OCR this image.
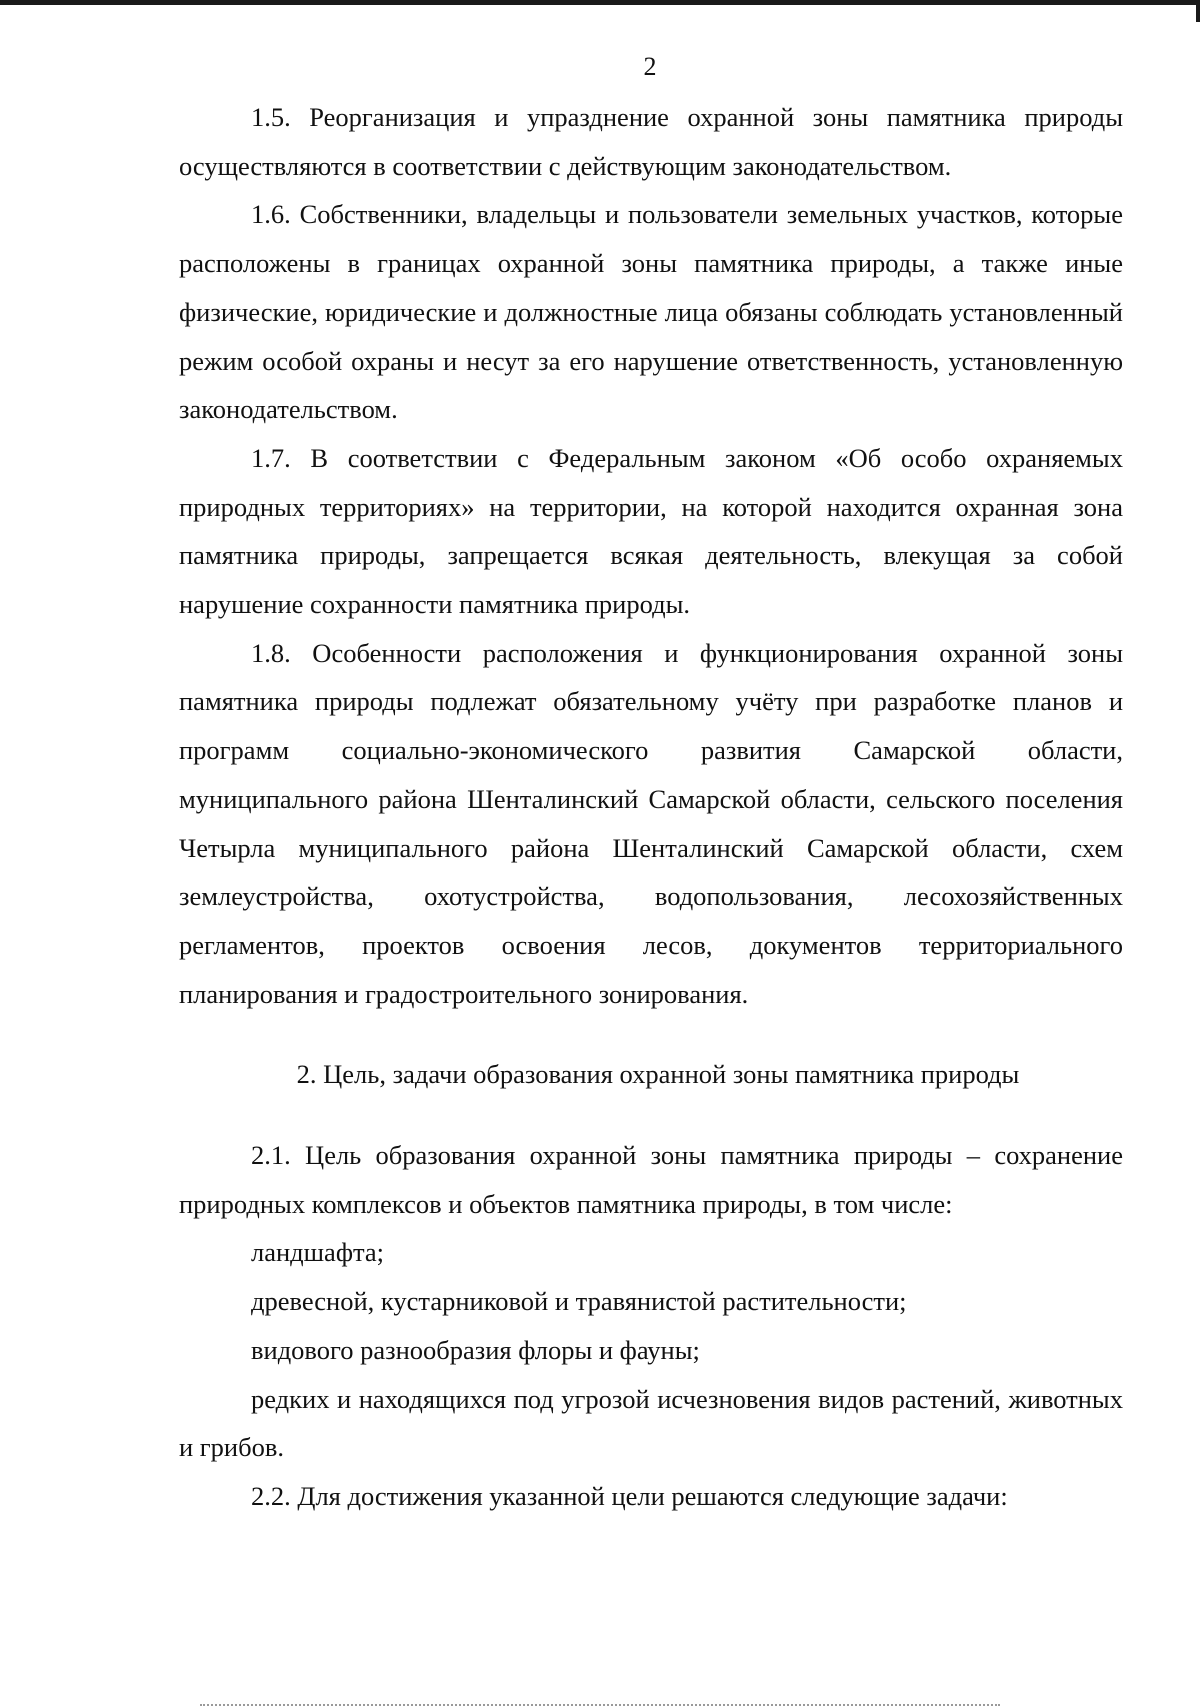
2

1.5. Реорганизация и упразднение охранной зоны памятника природы осуществляются в соответствии с действующим законодательством.

1.6. Собственники, владельцы и пользователи земельных участков, которые расположены в границах охранной зоны памятника природы, а также иные физические, юридические и должностные лица обязаны соблюдать установленный режим особой охраны и несут за его нарушение ответственность, установленную законодательством.

1.7. В соответствии с Федеральным законом «Об особо охраняемых природных территориях» на территории, на которой находится охранная зона памятника природы, запрещается всякая деятельность, влекущая за собой нарушение сохранности памятника природы.

1.8. Особенности расположения и функционирования охранной зоны памятника природы подлежат обязательному учёту при разработке планов и программ социально-экономического развития Самарской области, муниципального района Шенталинский Самарской области, сельского поселения Четырла муниципального района Шенталинский Самарской области, схем землеустройства, охотустройства, водопользования, лесохозяйственных регламентов, проектов освоения лесов, документов территориального планирования и градостроительного зонирования.

2. Цель, задачи образования охранной зоны памятника природы

2.1. Цель образования охранной зоны памятника природы – сохранение природных комплексов и объектов памятника природы, в том числе:

ландшафта;

древесной, кустарниковой и травянистой растительности;

видового разнообразия флоры и фауны;

редких и находящихся под угрозой исчезновения видов растений, животных и грибов.

2.2. Для достижения указанной цели решаются следующие задачи:
